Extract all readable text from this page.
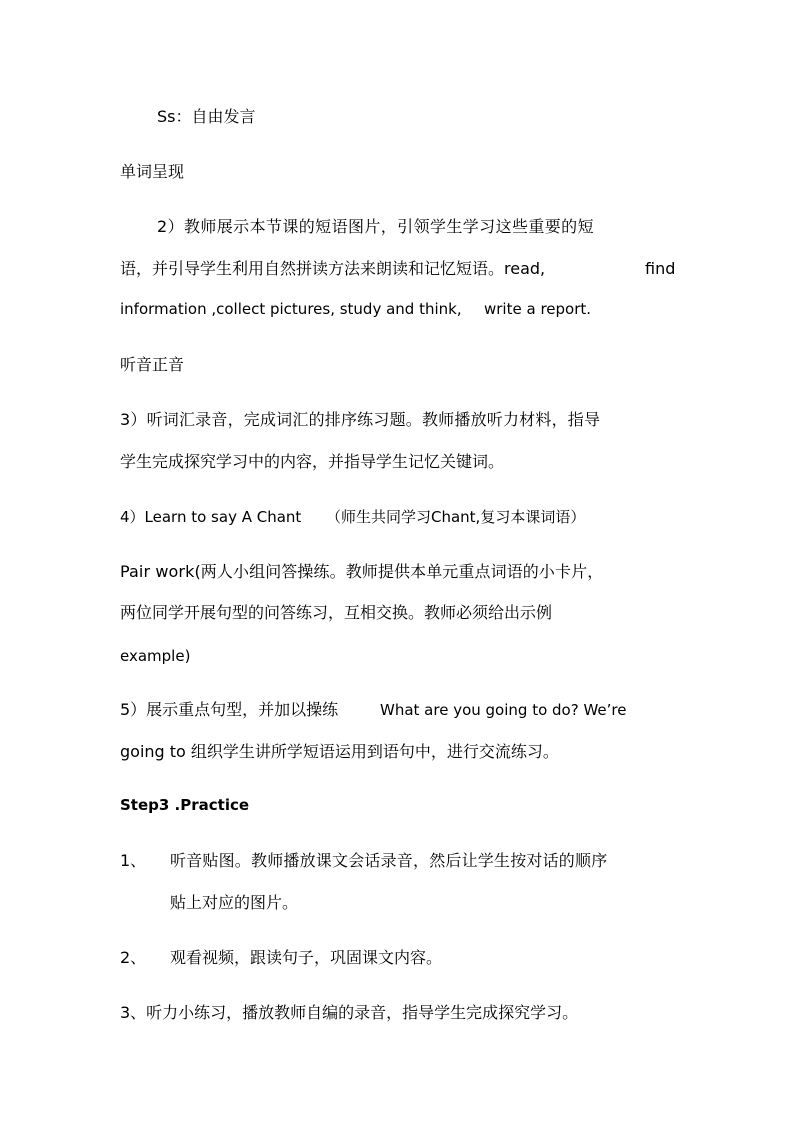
Ss：自由发言
单词呈现
2）教师展示本节课的短语图片，引领学生学习这些重要的短
语，并引导学生利用自然拼读方法来朗读和记忆短语。read,	find
information ,collect pictures, study and think, write a report.
听音正音
3）听词汇录音，完成词汇的排序练习题。教师播放听力材料，指导
学生完成探究学习中的内容，并指导学生记忆关键词。
4）Learn to say A Chant （师生共同学习Chant,复习本课词语）
Pair work(两人小组问答操练。教师提供本单元重点词语的小卡片，
两位同学开展句型的问答练习，互相交换。教师必须给出示例
example)
5）展示重点句型，并加以操练	What are you going to do? We’re
going to 组织学生讲所学短语运用到语句中，进行交流练习。
Step3 .Practice
1、 听音贴图。教师播放课文会话录音，然后让学生按对话的顺序
贴上对应的图片。
2、 观看视频，跟读句子，巩固课文内容。
3、听力小练习，播放教师自编的录音，指导学生完成探究学习。
